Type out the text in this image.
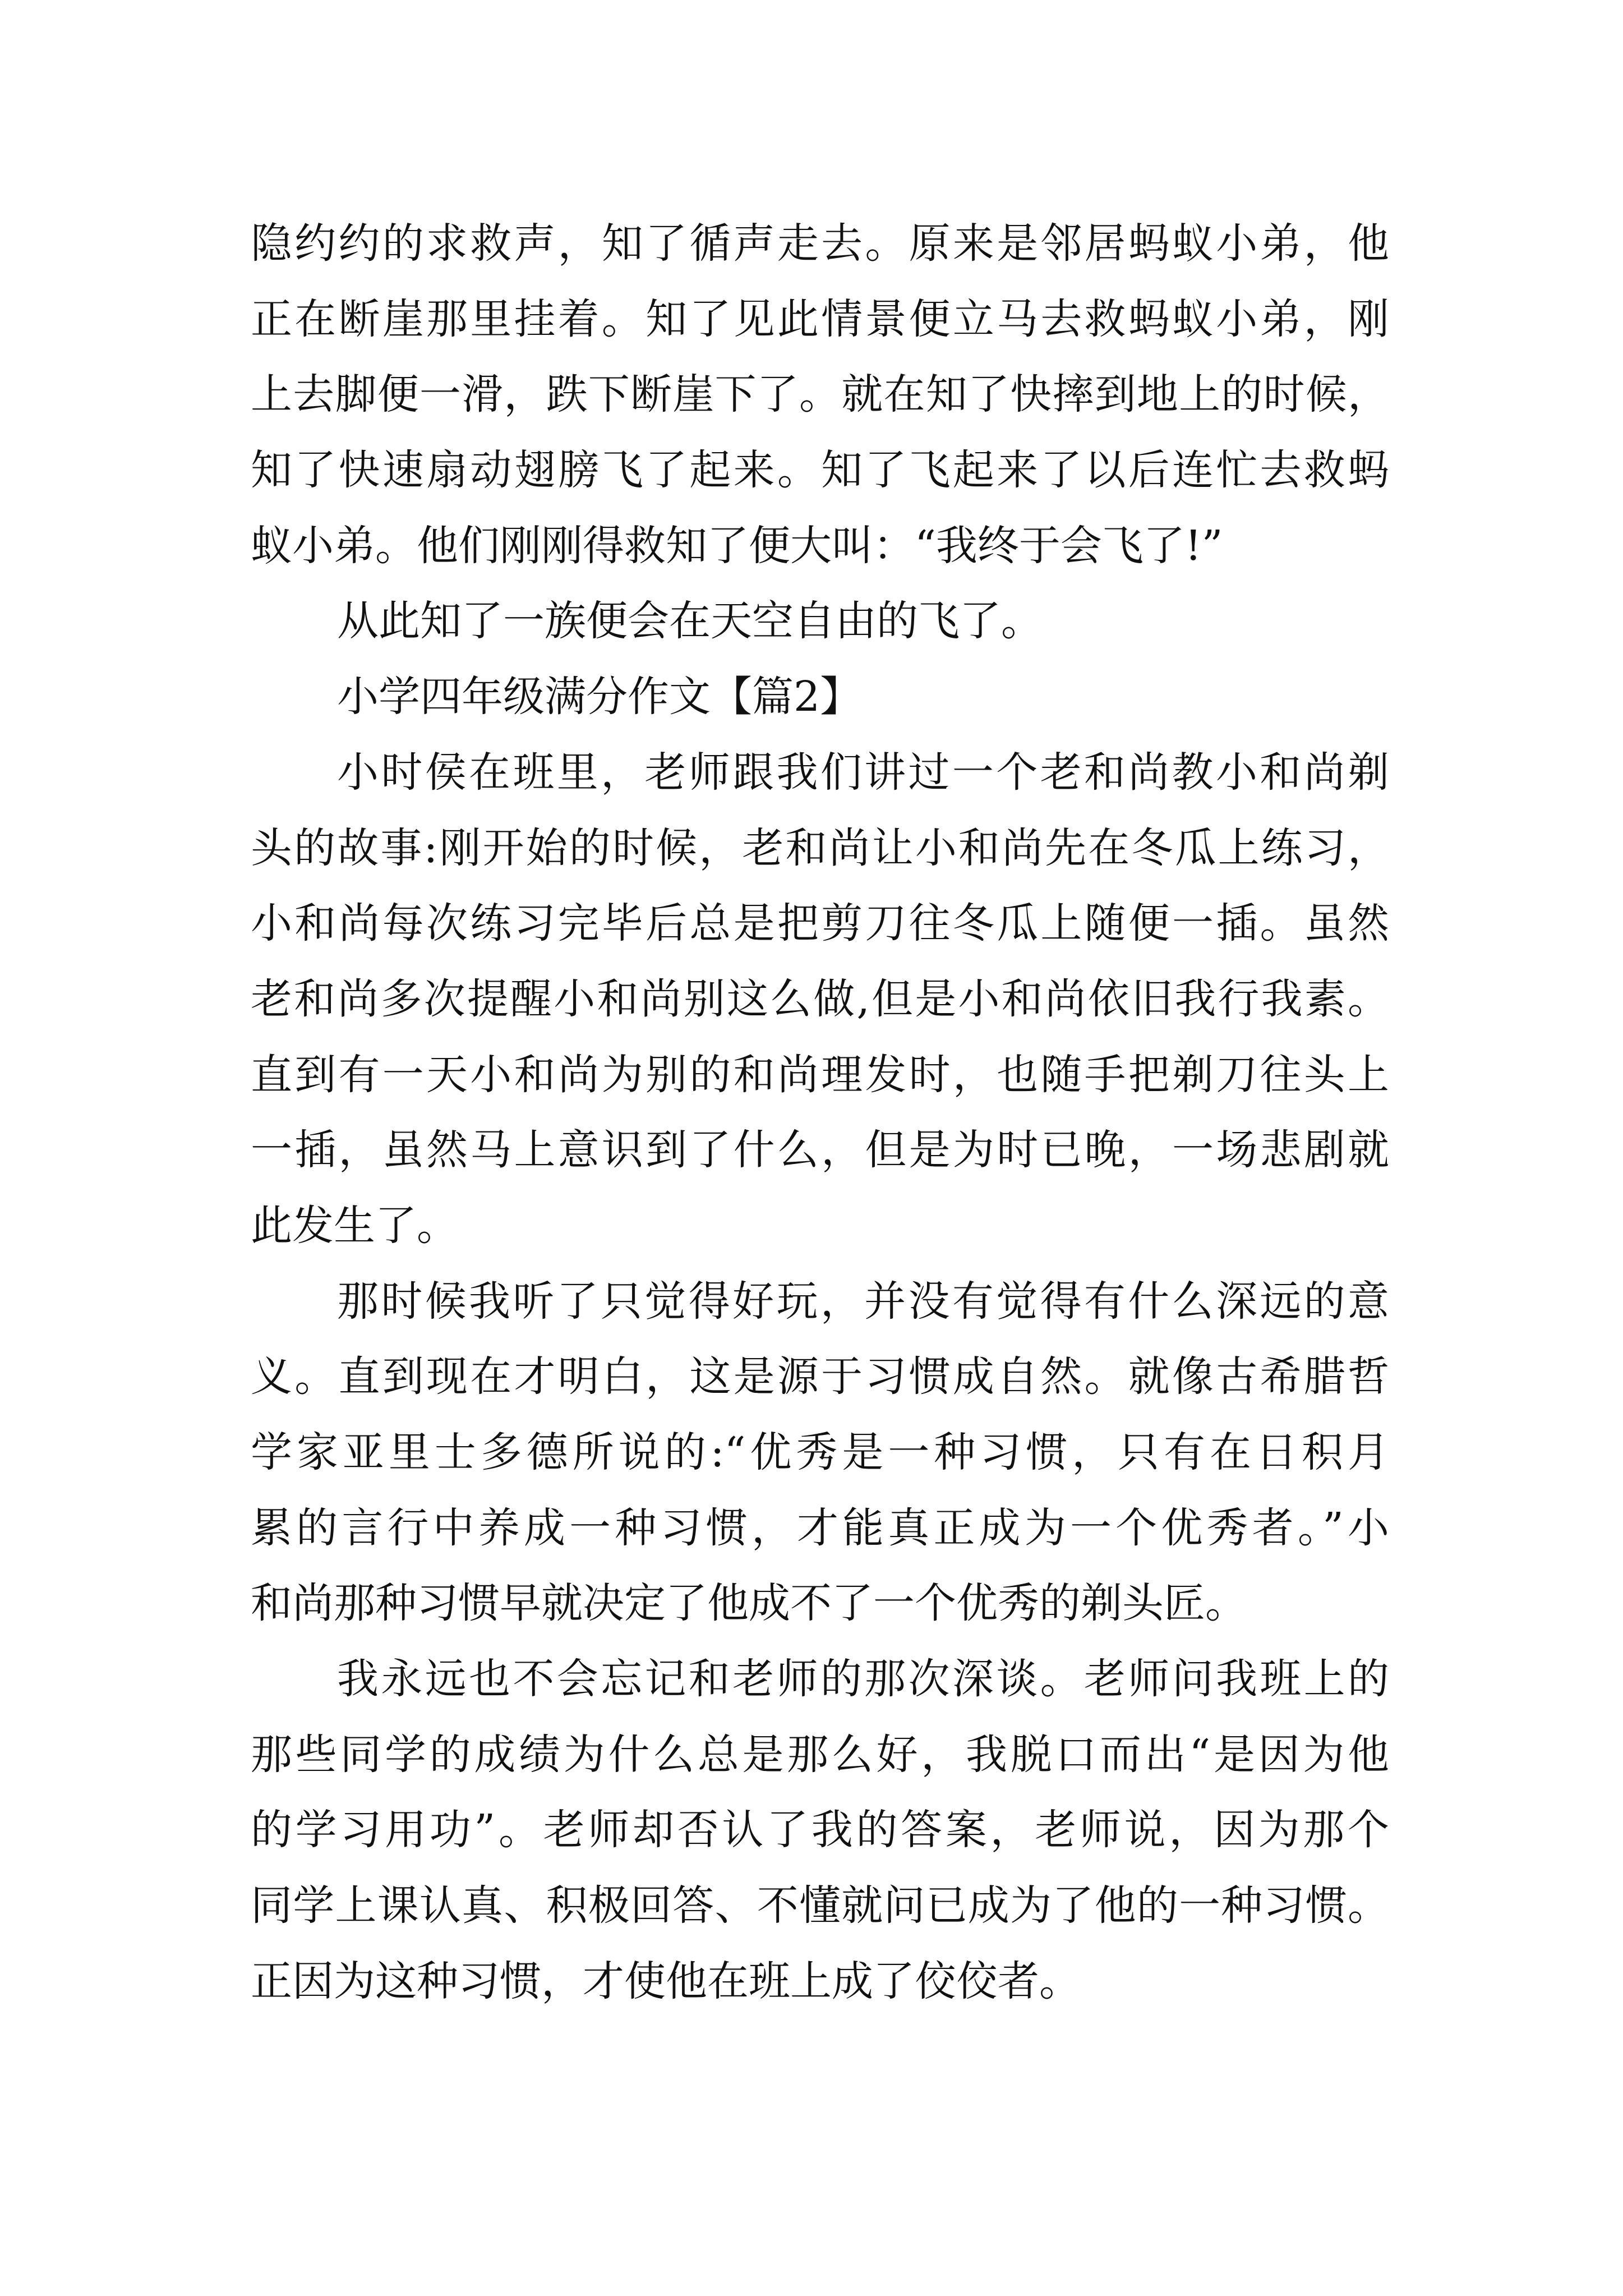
隐约约的求救声，知了循声走去。原来是邻居蚂蚁小弟，他
正在断崖那里挂着。知了见此情景便立马去救蚂蚁小弟，刚
上去脚便一滑，跌下断崖下了。就在知了快摔到地上的时候，
知了快速扇动翅膀飞了起来。知了飞起来了以后连忙去救蚂
蚁小弟。他们刚刚得救知了便大叫：“我终于会飞了!”
从此知了一族便会在天空自由的飞了。
小学四年级满分作文【篇2】
小时侯在班里，老师跟我们讲过一个老和尚教小和尚剃
头的故事:刚开始的时候，老和尚让小和尚先在冬瓜上练习，
小和尚每次练习完毕后总是把剪刀往冬瓜上随便一插。虽然
老和尚多次提醒小和尚别这么做,但是小和尚依旧我行我素。
直到有一天小和尚为别的和尚理发时，也随手把剃刀往头上
一插，虽然马上意识到了什么，但是为时已晚，一场悲剧就
此发生了。
那时候我听了只觉得好玩，并没有觉得有什么深远的意
义。直到现在才明白，这是源于习惯成自然。就像古希腊哲
学家亚里士多德所说的:“优秀是一种习惯，只有在日积月
累的言行中养成一种习惯，才能真正成为一个优秀者。”小
和尚那种习惯早就决定了他成不了一个优秀的剃头匠。
我永远也不会忘记和老师的那次深谈。老师问我班上的
那些同学的成绩为什么总是那么好，我脱口而出“是因为他
的学习用功”。老师却否认了我的答案，老师说，因为那个
同学上课认真、积极回答、不懂就问已成为了他的一种习惯。
正因为这种习惯，才使他在班上成了佼佼者。
